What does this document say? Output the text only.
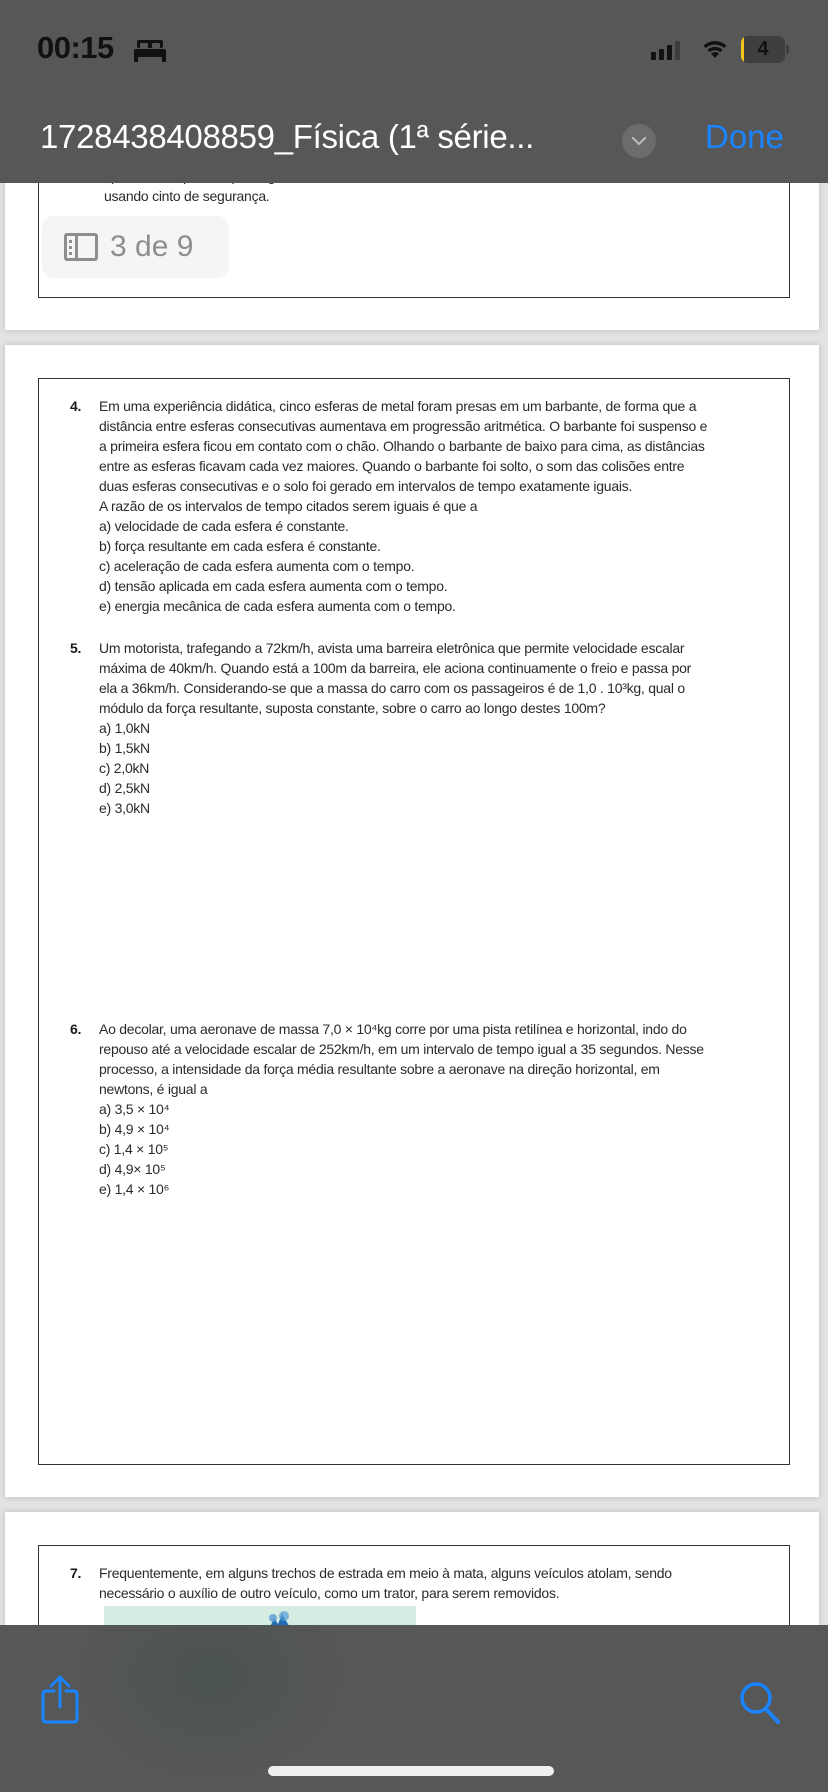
usando cinto de segurança.
4. Em uma experiência didática, cinco esferas de metal foram presas em um barbante, de forma que a
distância entre esferas consecutivas aumentava em progressão aritmética. O barbante foi suspenso e
a primeira esfera ficou em contato com o chão. Olhando o barbante de baixo para cima, as distâncias
entre as esferas ficavam cada vez maiores. Quando o barbante foi solto, o som das colisões entre
duas esferas consecutivas e o solo foi gerado em intervalos de tempo exatamente iguais.
A razão de os intervalos de tempo citados serem iguais é que a
a) velocidade de cada esfera é constante.
b) força resultante em cada esfera é constante.
c) aceleração de cada esfera aumenta com o tempo.
d) tensão aplicada em cada esfera aumenta com o tempo.
e) energia mecânica de cada esfera aumenta com o tempo.
5. Um motorista, trafegando a 72km/h, avista uma barreira eletrônica que permite velocidade escalar
máxima de 40km/h. Quando está a 100m da barreira, ele aciona continuamente o freio e passa por
ela a 36km/h. Considerando-se que a massa do carro com os passageiros é de 1,0 . 10³kg, qual o
módulo da força resultante, suposta constante, sobre o carro ao longo destes 100m?
a) 1,0kN
b) 1,5kN
c) 2,0kN
d) 2,5kN
e) 3,0kN
6. Ao decolar, uma aeronave de massa 7,0 × 10⁴kg corre por uma pista retilínea e horizontal, indo do
repouso até a velocidade escalar de 252km/h, em um intervalo de tempo igual a 35 segundos. Nesse
processo, a intensidade da força média resultante sobre a aeronave na direção horizontal, em
newtons, é igual a
a) 3,5 × 10⁴
b) 4,9 × 10⁴
c) 1,4 × 10⁵
d) 4,9× 10⁵
e) 1,4 × 10⁶
7. Frequentemente, em alguns trechos de estrada em meio à mata, alguns veículos atolam, sendo
necessário o auxílio de outro veículo, como um trator, para serem removidos.
3 de 9
00:15	4
1728438408859_Física (1ª série...	Done
